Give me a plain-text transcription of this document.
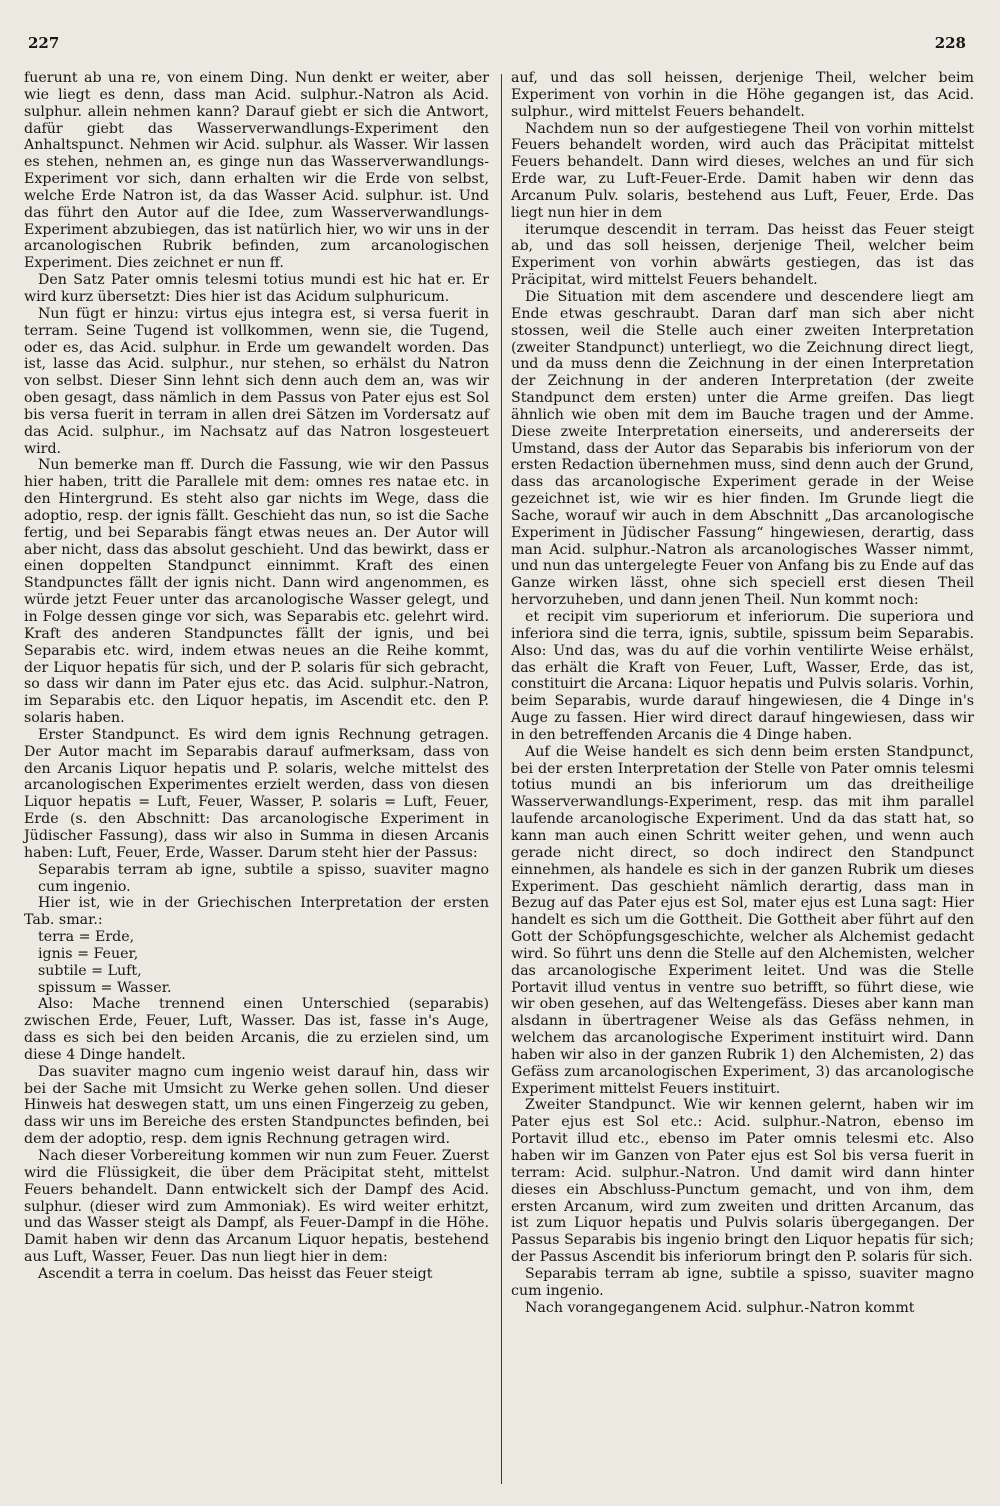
227	228

fuerunt ab una re, von einem Ding. Nun denkt er weiter, aber wie liegt es denn, dass man Acid. sulphur.-Natron als Acid. sulphur. allein nehmen kann? Darauf giebt er sich die Antwort, dafür giebt das Wasserverwandlungs-Experiment den Anhaltspunct. Nehmen wir Acid. sulphur. als Wasser. Wir lassen es stehen, nehmen an, es ginge nun das Wasserverwandlungs-Experiment vor sich, dann erhalten wir die Erde von selbst, welche Erde Natron ist, da das Wasser Acid. sulphur. ist. Und das führt den Autor auf die Idee, zum Wasserverwandlungs-Experiment abzubiegen, das ist natürlich hier, wo wir uns in der arcanologischen Rubrik befinden, zum arcanologischen Experiment. Dies zeichnet er nun ff.

Den Satz Pater omnis telesmi totius mundi est hic hat er. Er wird kurz übersetzt: Dies hier ist das Acidum sulphuricum.

Nun fügt er hinzu: virtus ejus integra est, si versa fuerit in terram. Seine Tugend ist vollkommen, wenn sie, die Tugend, oder es, das Acid. sulphur. in Erde um gewandelt worden. Das ist, lasse das Acid. sulphur., nur stehen, so erhälst du Natron von selbst. Dieser Sinn lehnt sich denn auch dem an, was wir oben gesagt, dass nämlich in dem Passus von Pater ejus est Sol bis versa fuerit in terram in allen drei Sätzen im Vordersatz auf das Acid. sulphur., im Nachsatz auf das Natron losgesteuert wird.

Nun bemerke man ff. Durch die Fassung, wie wir den Passus hier haben, tritt die Parallele mit dem: omnes res natae etc. in den Hintergrund. Es steht also gar nichts im Wege, dass die adoptio, resp. der ignis fällt. Geschieht das nun, so ist die Sache fertig, und bei Separabis fängt etwas neues an. Der Autor will aber nicht, dass das absolut geschieht. Und das bewirkt, dass er einen doppelten Standpunct einnimmt. Kraft des einen Standpunctes fällt der ignis nicht. Dann wird angenommen, es würde jetzt Feuer unter das arcanologische Wasser gelegt, und in Folge dessen ginge vor sich, was Separabis etc. gelehrt wird. Kraft des anderen Standpunctes fällt der ignis, und bei Separabis etc. wird, indem etwas neues an die Reihe kommt, der Liquor hepatis für sich, und der P. solaris für sich gebracht, so dass wir dann im Pater ejus etc. das Acid. sulphur.-Natron, im Separabis etc. den Liquor hepatis, im Ascendit etc. den P. solaris haben.

Erster Standpunct. Es wird dem ignis Rechnung getragen. Der Autor macht im Separabis darauf aufmerksam, dass von den Arcanis Liquor hepatis und P. solaris, welche mittelst des arcanologischen Experimentes erzielt werden, dass von diesen Liquor hepatis = Luft, Feuer, Wasser, P. solaris = Luft, Feuer, Erde (s. den Abschnitt: Das arcanologische Experiment in Jüdischer Fassung), dass wir also in Summa in diesen Arcanis haben: Luft, Feuer, Erde, Wasser. Darum steht hier der Passus:

Separabis terram ab igne, subtile a spisso, suaviter magno cum ingenio.

Hier ist, wie in der Griechischen Interpretation der ersten Tab. smar.:

terra = Erde,

ignis = Feuer,

subtile = Luft,

spissum = Wasser.

Also: Mache trennend einen Unterschied (separabis) zwischen Erde, Feuer, Luft, Wasser. Das ist, fasse in's Auge, dass es sich bei den beiden Arcanis, die zu erzielen sind, um diese 4 Dinge handelt.

Das suaviter magno cum ingenio weist darauf hin, dass wir bei der Sache mit Umsicht zu Werke gehen sollen. Und dieser Hinweis hat deswegen statt, um uns einen Fingerzeig zu geben, dass wir uns im Bereiche des ersten Standpunctes befinden, bei dem der adoptio, resp. dem ignis Rechnung getragen wird.

Nach dieser Vorbereitung kommen wir nun zum Feuer. Zuerst wird die Flüssigkeit, die über dem Präcipitat steht, mittelst Feuers behandelt. Dann entwickelt sich der Dampf des Acid. sulphur. (dieser wird zum Ammoniak). Es wird weiter erhitzt, und das Wasser steigt als Dampf, als Feuer-Dampf in die Höhe. Damit haben wir denn das Arcanum Liquor hepatis, bestehend aus Luft, Wasser, Feuer. Das nun liegt hier in dem:

Ascendit a terra in coelum. Das heisst das Feuer steigt

auf, und das soll heissen, derjenige Theil, welcher beim Experiment von vorhin in die Höhe gegangen ist, das Acid. sulphur., wird mittelst Feuers behandelt.

Nachdem nun so der aufgestiegene Theil von vorhin mittelst Feuers behandelt worden, wird auch das Präcipitat mittelst Feuers behandelt. Dann wird dieses, welches an und für sich Erde war, zu Luft-Feuer-Erde. Damit haben wir denn das Arcanum Pulv. solaris, bestehend aus Luft, Feuer, Erde. Das liegt nun hier in dem

iterumque descendit in terram. Das heisst das Feuer steigt ab, und das soll heissen, derjenige Theil, welcher beim Experiment von vorhin abwärts gestiegen, das ist das Präcipitat, wird mittelst Feuers behandelt.

Die Situation mit dem ascendere und descendere liegt am Ende etwas geschraubt. Daran darf man sich aber nicht stossen, weil die Stelle auch einer zweiten Interpretation (zweiter Standpunct) unterliegt, wo die Zeichnung direct liegt, und da muss denn die Zeichnung in der einen Interpretation der Zeichnung in der anderen Interpretation (der zweite Standpunct dem ersten) unter die Arme greifen. Das liegt ähnlich wie oben mit dem im Bauche tragen und der Amme. Diese zweite Interpretation einerseits, und andererseits der Umstand, dass der Autor das Separabis bis inferiorum von der ersten Redaction übernehmen muss, sind denn auch der Grund, dass das arcanologische Experiment gerade in der Weise gezeichnet ist, wie wir es hier finden. Im Grunde liegt die Sache, worauf wir auch in dem Abschnitt „Das arcanologische Experiment in Jüdischer Fassung“ hingewiesen, derartig, dass man Acid. sulphur.-Natron als arcanologisches Wasser nimmt, und nun das untergelegte Feuer von Anfang bis zu Ende auf das Ganze wirken lässt, ohne sich speciell erst diesen Theil hervorzuheben, und dann jenen Theil. Nun kommt noch:

et recipit vim superiorum et inferiorum. Die superiora und inferiora sind die terra, ignis, subtile, spissum beim Separabis. Also: Und das, was du auf die vorhin ventilirte Weise erhälst, das erhält die Kraft von Feuer, Luft, Wasser, Erde, das ist, constituirt die Arcana: Liquor hepatis und Pulvis solaris. Vorhin, beim Separabis, wurde darauf hingewiesen, die 4 Dinge in's Auge zu fassen. Hier wird direct darauf hingewiesen, dass wir in den betreffenden Arcanis die 4 Dinge haben.

Auf die Weise handelt es sich denn beim ersten Standpunct, bei der ersten Interpretation der Stelle von Pater omnis telesmi totius mundi an bis inferiorum um das dreitheilige Wasserverwandlungs-Experiment, resp. das mit ihm parallel laufende arcanologische Experiment. Und da das statt hat, so kann man auch einen Schritt weiter gehen, und wenn auch gerade nicht direct, so doch indirect den Standpunct einnehmen, als handele es sich in der ganzen Rubrik um dieses Experiment. Das geschieht nämlich derartig, dass man in Bezug auf das Pater ejus est Sol, mater ejus est Luna sagt: Hier handelt es sich um die Gottheit. Die Gottheit aber führt auf den Gott der Schöpfungsgeschichte, welcher als Alchemist gedacht wird. So führt uns denn die Stelle auf den Alchemisten, welcher das arcanologische Experiment leitet. Und was die Stelle Portavit illud ventus in ventre suo betrifft, so führt diese, wie wir oben gesehen, auf das Weltengefäss. Dieses aber kann man alsdann in übertragener Weise als das Gefäss nehmen, in welchem das arcanologische Experiment instituirt wird. Dann haben wir also in der ganzen Rubrik 1) den Alchemisten, 2) das Gefäss zum arcanologischen Experiment, 3) das arcanologische Experiment mittelst Feuers instituirt.

Zweiter Standpunct. Wie wir kennen gelernt, haben wir im Pater ejus est Sol etc.: Acid. sulphur.-Natron, ebenso im Portavit illud etc., ebenso im Pater omnis telesmi etc. Also haben wir im Ganzen von Pater ejus est Sol bis versa fuerit in terram: Acid. sulphur.-Natron. Und damit wird dann hinter dieses ein Abschluss-Punctum gemacht, und von ihm, dem ersten Arcanum, wird zum zweiten und dritten Arcanum, das ist zum Liquor hepatis und Pulvis solaris übergegangen. Der Passus Separabis bis ingenio bringt den Liquor hepatis für sich; der Passus Ascendit bis inferiorum bringt den P. solaris für sich.

Separabis terram ab igne, subtile a spisso, suaviter magno cum ingenio.

Nach vorangegangenem Acid. sulphur.-Natron kommt
